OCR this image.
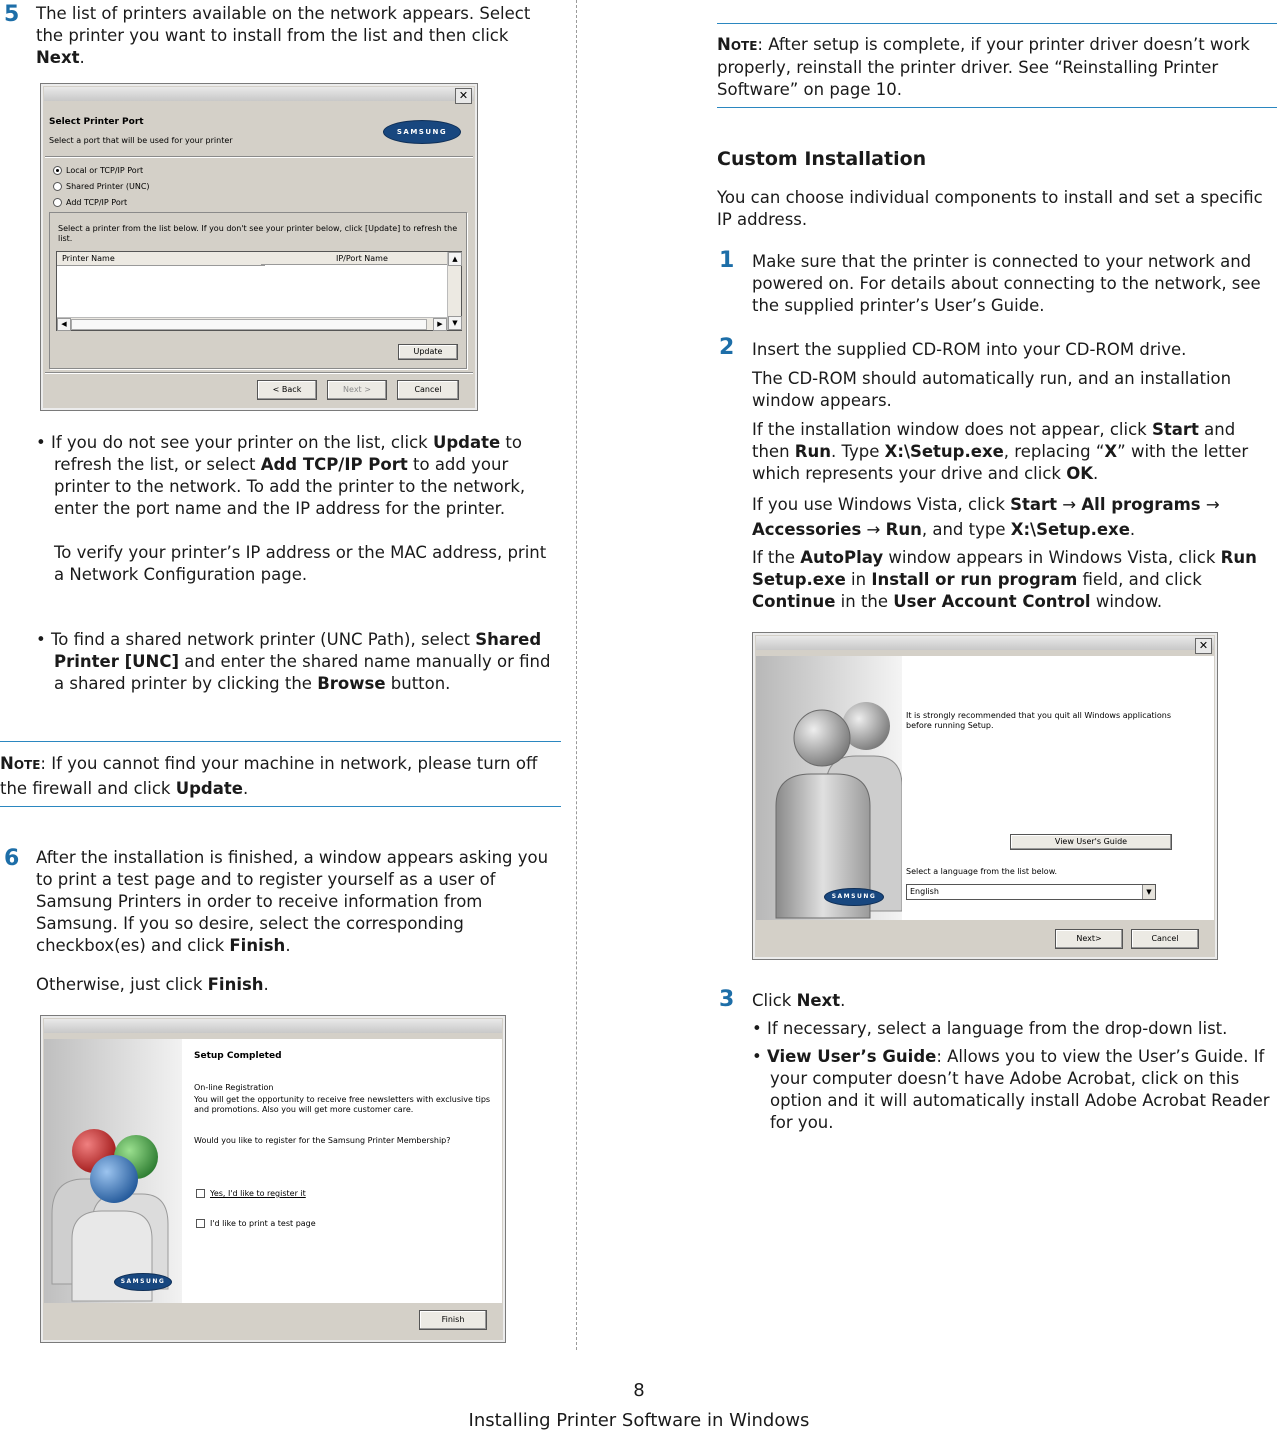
5 The list of printers available on the network appears. Select the printer you want to install from the list and then click Next.
✕
Select Printer Port
Select a port that will be used for your printer
SAMSUNG
Local or TCP/IP Port
Shared Printer (UNC)
Add TCP/IP Port
Select a printer from the list below. If you don't see your printer below, click [Update] to refresh the list.
Printer Name	IP/Port Name	▲
▼
◀	▶
Update
< Back	Next >	Cancel
• If you do not see your printer on the list, click Update to refresh the list, or select Add TCP/IP Port to add your printer to the network. To add the printer to the network, enter the port name and the IP address for the printer.
To verify your printer’s IP address or the MAC address, print a Network Configuration page.
• To find a shared network printer (UNC Path), select Shared Printer [UNC] and enter the shared name manually or find a shared printer by clicking the Browse button.
NOTE: If you cannot find your machine in network, please turn off the firewall and click Update.
6 After the installation is finished, a window appears asking you to print a test page and to register yourself as a user of Samsung Printers in order to receive information from Samsung. If you so desire, select the corresponding checkbox(es) and click Finish.
Otherwise, just click Finish.
Setup Completed
On-line Registration
You will get the opportunity to receive free newsletters with exclusive tips and promotions. Also you will get more customer care.
Would you like to register for the Samsung Printer Membership?
Yes, I'd like to register it
I'd like to print a test page
SAMSUNG
Finish
NOTE: After setup is complete, if your printer driver doesn’t work properly, reinstall the printer driver. See “Reinstalling Printer Software” on page 10.
Custom Installation
You can choose individual components to install and set a specific IP address.
1 Make sure that the printer is connected to your network and powered on. For details about connecting to the network, see the supplied printer’s User’s Guide.
2 Insert the supplied CD-ROM into your CD-ROM drive.
The CD-ROM should automatically run, and an installation window appears.
If the installation window does not appear, click Start and then Run. Type X:\Setup.exe, replacing “X” with the letter which represents your drive and click OK.
If you use Windows Vista, click Start → All programs → Accessories → Run, and type X:\Setup.exe.
If the AutoPlay window appears in Windows Vista, click Run Setup.exe in Install or run program field, and click Continue in the User Account Control window.
✕
It is strongly recommended that you quit all Windows applications before running Setup.
View User's Guide
Select a language from the list below.
English	▼
SAMSUNG
Next>	Cancel
3 Click Next.
• If necessary, select a language from the drop-down list.
• View User’s Guide: Allows you to view the User’s Guide. If your computer doesn’t have Adobe Acrobat, click on this option and it will automatically install Adobe Acrobat Reader for you.
8
Installing Printer Software in Windows
